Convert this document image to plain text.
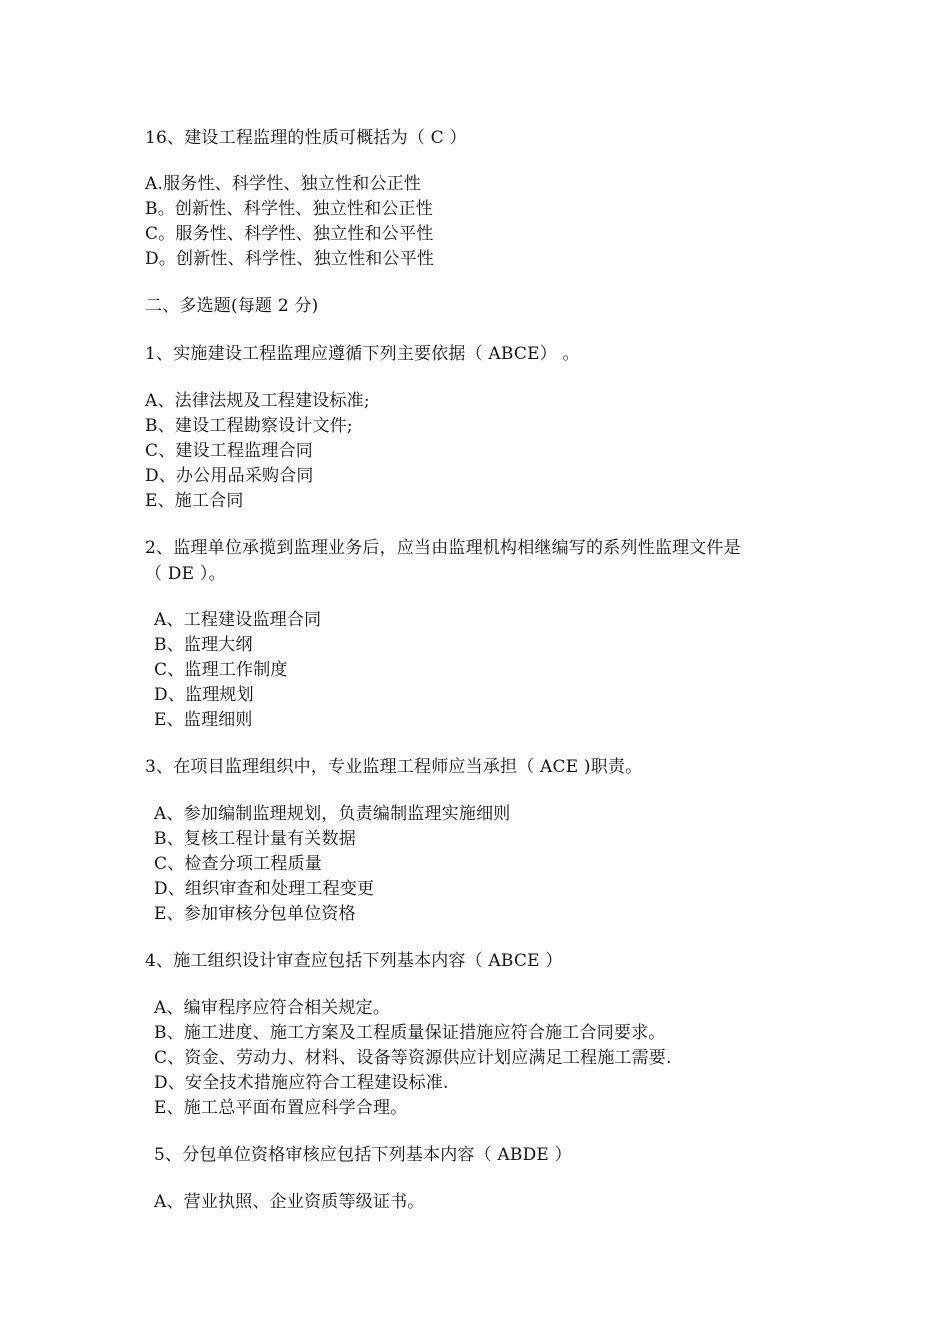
16、建设工程监理的性质可概括为（ C ）
A.服务性、科学性、独立性和公正性
B。创新性、科学性、独立性和公正性
C。服务性、科学性、独立性和公平性
D。创新性、科学性、独立性和公平性
二、多选题(每题 2 分)
1、实施建设工程监理应遵循下列主要依据（ ABCE） 。
A、法律法规及工程建设标准;
B、建设工程勘察设计文件;
C、建设工程监理合同
D、办公用品采购合同
E、施工合同
2、监理单位承揽到监理业务后，应当由监理机构相继编写的系列性监理文件是
（ DE ）。
A、工程建设监理合同
B、监理大纲
C、监理工作制度
D、监理规划
E、监理细则
3、在项目监理组织中，专业监理工程师应当承担（ ACE )职责。
A、参加编制监理规划，负责编制监理实施细则
B、复核工程计量有关数据
C、检查分项工程质量
D、组织审查和处理工程变更
E、参加审核分包单位资格
4、施工组织设计审查应包括下列基本内容（ ABCE ）
A、编审程序应符合相关规定。
B、施工进度、施工方案及工程质量保证措施应符合施工合同要求。
C、资金、劳动力、材料、设备等资源供应计划应满足工程施工需要.
D、安全技术措施应符合工程建设标准.
E、施工总平面布置应科学合理。
5、分包单位资格审核应包括下列基本内容（ ABDE ）
A、营业执照、企业资质等级证书。
